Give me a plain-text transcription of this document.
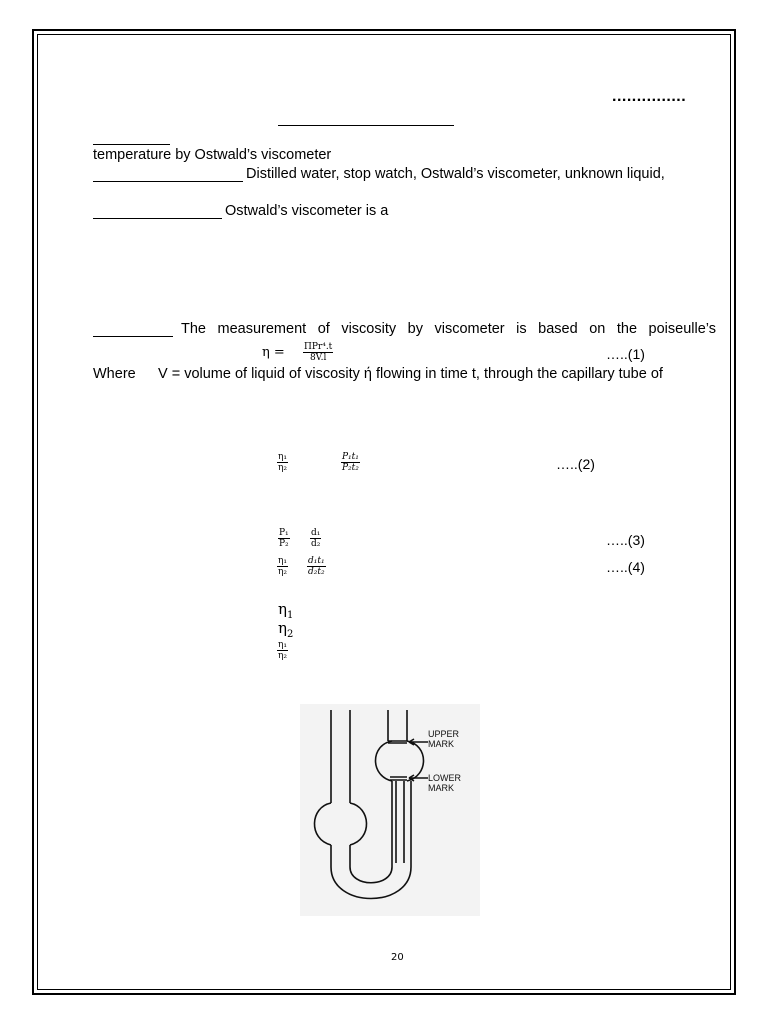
...............
temperature by Ostwald’s viscometer
Distilled water, stop watch, Ostwald’s viscometer, unknown liquid,
Ostwald’s viscometer is a
The measurement of viscosity by viscometer is based on the poiseulle’s
η = ΠPr⁴.t
8V.l	…..(1)
Where V = volume of liquid of viscosity ή flowing in time t, through the capillary tube of
$\frac{\text{η₁}}{\text{η₂}}$	$\frac{\text{P₁t₁}}{\text{P₂t₂}}$	…..(2)
$\frac{\text{P₁}}{\text{P₂}} \frac{\text{d₁}}{\text{d₂}}$	…..(3)
$\frac{\text{η₁}}{\text{η₂}} \frac{\text{d₁t₁}}{\text{d₂t₂}}$	…..(4)
$\eta_1$
$\eta_2$
$\frac{\text{η₁}}{\text{η₂}}$
UPPER
MARK
LOWER
MARK
20
